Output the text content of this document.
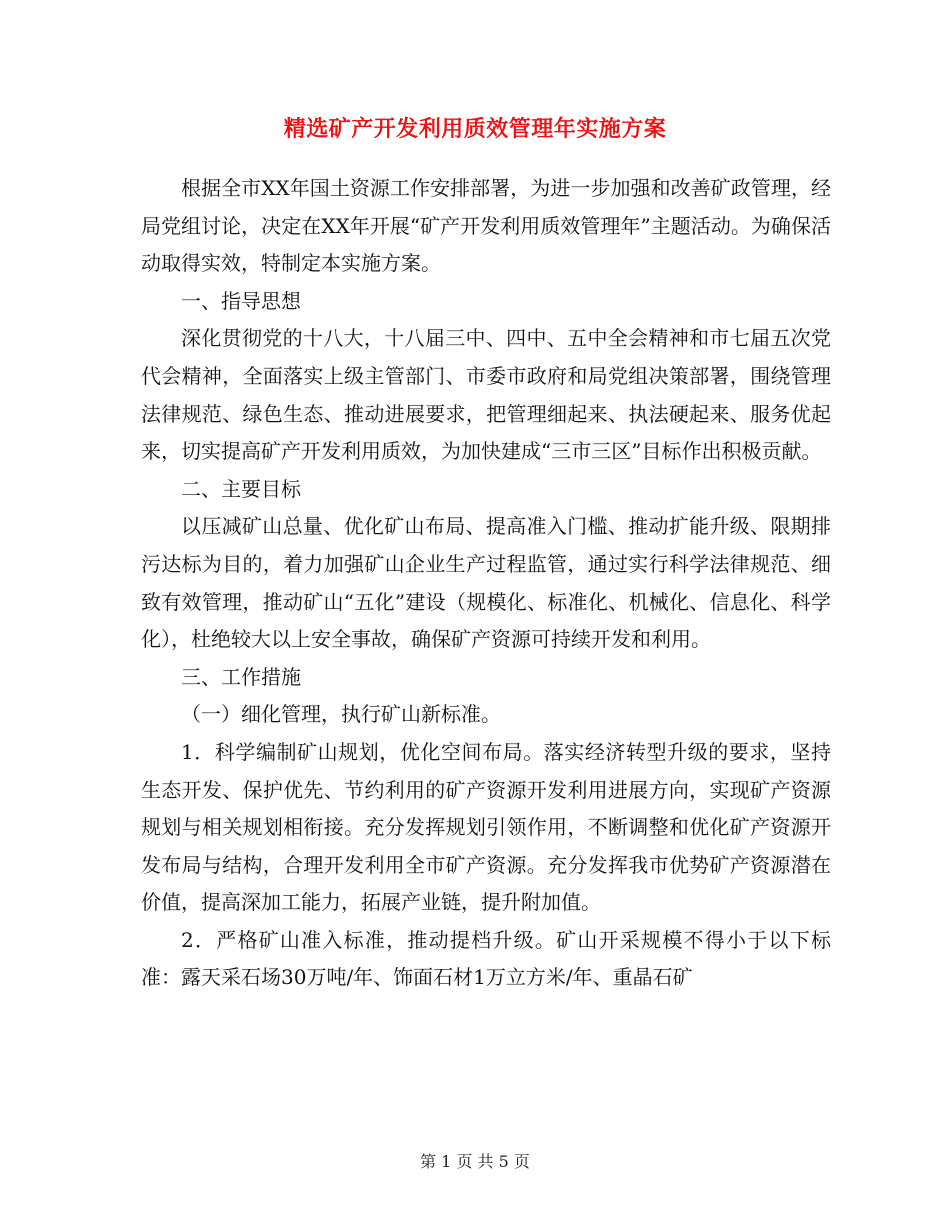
精选矿产开发利用质效管理年实施方案

根据全市XX年国土资源工作安排部署，为进一步加强和改善矿政管理，经局党组讨论，决定在XX年开展“矿产开发利用质效管理年”主题活动。为确保活动取得实效，特制定本实施方案。

一、指导思想

深化贯彻党的十八大，十八届三中、四中、五中全会精神和市七届五次党代会精神，全面落实上级主管部门、市委市政府和局党组决策部署，围绕管理法律规范、绿色生态、推动进展要求，把管理细起来、执法硬起来、服务优起来，切实提高矿产开发利用质效，为加快建成“三市三区”目标作出积极贡献。

二、主要目标

以压减矿山总量、优化矿山布局、提高准入门槛、推动扩能升级、限期排污达标为目的，着力加强矿山企业生产过程监管，通过实行科学法律规范、细致有效管理，推动矿山“五化”建设（规模化、标准化、机械化、信息化、科学化），杜绝较大以上安全事故，确保矿产资源可持续开发和利用。

三、工作措施

（一）细化管理，执行矿山新标准。

1．科学编制矿山规划，优化空间布局。落实经济转型升级的要求，坚持生态开发、保护优先、节约利用的矿产资源开发利用进展方向，实现矿产资源规划与相关规划相衔接。充分发挥规划引领作用，不断调整和优化矿产资源开发布局与结构，合理开发利用全市矿产资源。充分发挥我市优势矿产资源潜在价值，提高深加工能力，拓展产业链，提升附加值。

2．严格矿山准入标准，推动提档升级。矿山开采规模不得小于以下标准：露天采石场30万吨/年、饰面石材1万立方米/年、重晶石矿

第 1 页 共 5 页
